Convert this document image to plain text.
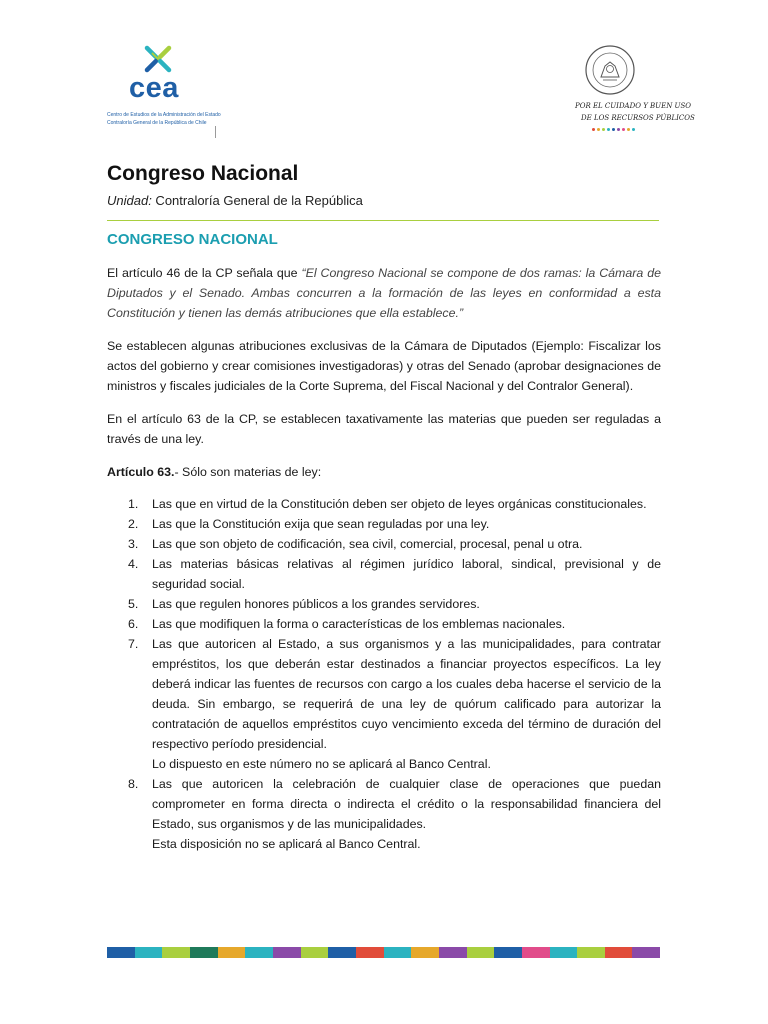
cea
Centro de Estudios de la Administración del Estado
Contraloría General de la República de Chile
POR EL CUIDADO Y BUEN USO
DE LOS RECURSOS PÚBLICOS
Congreso Nacional
Unidad: Contraloría General de la República
CONGRESO NACIONAL

El artículo 46 de la CP señala que “El Congreso Nacional se compone de dos ramas: la Cámara de Diputados y el Senado. Ambas concurren a la formación de las leyes en conformidad a esta Constitución y tienen las demás atribuciones que ella establece.”

Se establecen algunas atribuciones exclusivas de la Cámara de Diputados (Ejemplo: Fiscalizar los actos del gobierno y crear comisiones investigadoras) y otras del Senado (aprobar designaciones de ministros y fiscales judiciales de la Corte Suprema, del Fiscal Nacional y del Contralor General).

En el artículo 63 de la CP, se establecen taxativamente las materias que pueden ser reguladas a través de una ley.

Artículo 63.- Sólo son materias de ley:

1. Las que en virtud de la Constitución deben ser objeto de leyes orgánicas constitucionales.
2. Las que la Constitución exija que sean reguladas por una ley.
3. Las que son objeto de codificación, sea civil, comercial, procesal, penal u otra.
4. Las materias básicas relativas al régimen jurídico laboral, sindical, previsional y de seguridad social.
5. Las que regulen honores públicos a los grandes servidores.
6. Las que modifiquen la forma o características de los emblemas nacionales.
7. Las que autoricen al Estado, a sus organismos y a las municipalidades, para contratar empréstitos, los que deberán estar destinados a financiar proyectos específicos. La ley deberá indicar las fuentes de recursos con cargo a los cuales deba hacerse el servicio de la deuda. Sin embargo, se requerirá de una ley de quórum calificado para autorizar la contratación de aquellos empréstitos cuyo vencimiento exceda del término de duración del respectivo período presidencial.
Lo dispuesto en este número no se aplicará al Banco Central.
8. Las que autoricen la celebración de cualquier clase de operaciones que puedan comprometer en forma directa o indirecta el crédito o la responsabilidad financiera del Estado, sus organismos y de las municipalidades.
Esta disposición no se aplicará al Banco Central.
